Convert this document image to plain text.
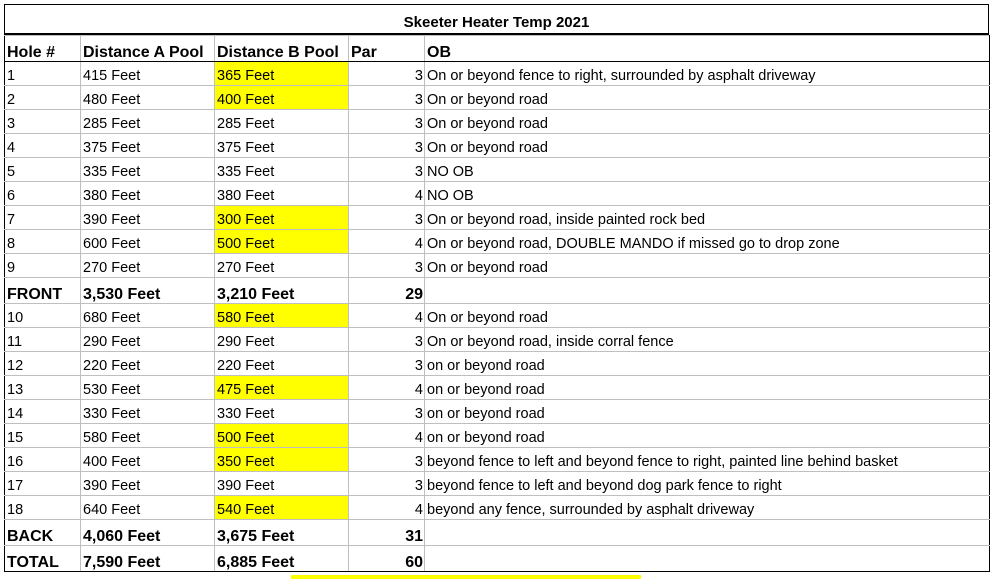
Skeeter Heater Temp 2021
Hole #	Distance A Pool	Distance B Pool	Par	OB
1	415 Feet	365 Feet	3	On or beyond fence to right, surrounded by asphalt driveway
2	480 Feet	400 Feet	3	On or beyond road
3	285 Feet	285 Feet	3	On or beyond road
4	375 Feet	375 Feet	3	On or beyond road
5	335 Feet	335 Feet	3	NO OB
6	380 Feet	380 Feet	4	NO OB
7	390 Feet	300 Feet	3	On or beyond road, inside painted rock bed
8	600 Feet	500 Feet	4	On or beyond road, DOUBLE MANDO if missed go to drop zone
9	270 Feet	270 Feet	3	On or beyond road
FRONT	3,530 Feet	3,210 Feet	29	
10	680 Feet	580 Feet	4	On or beyond road
11	290 Feet	290 Feet	3	On or beyond road, inside corral fence
12	220 Feet	220 Feet	3	on or beyond road
13	530 Feet	475 Feet	4	on or beyond road
14	330 Feet	330 Feet	3	on or beyond road
15	580 Feet	500 Feet	4	on or beyond road
16	400 Feet	350 Feet	3	beyond fence to left and beyond fence to right, painted line behind basket
17	390 Feet	390 Feet	3	beyond fence to left and beyond dog park fence to right
18	640 Feet	540 Feet	4	beyond any fence, surrounded by asphalt driveway
BACK	4,060 Feet	3,675 Feet	31	
TOTAL	7,590 Feet	6,885 Feet	60	
